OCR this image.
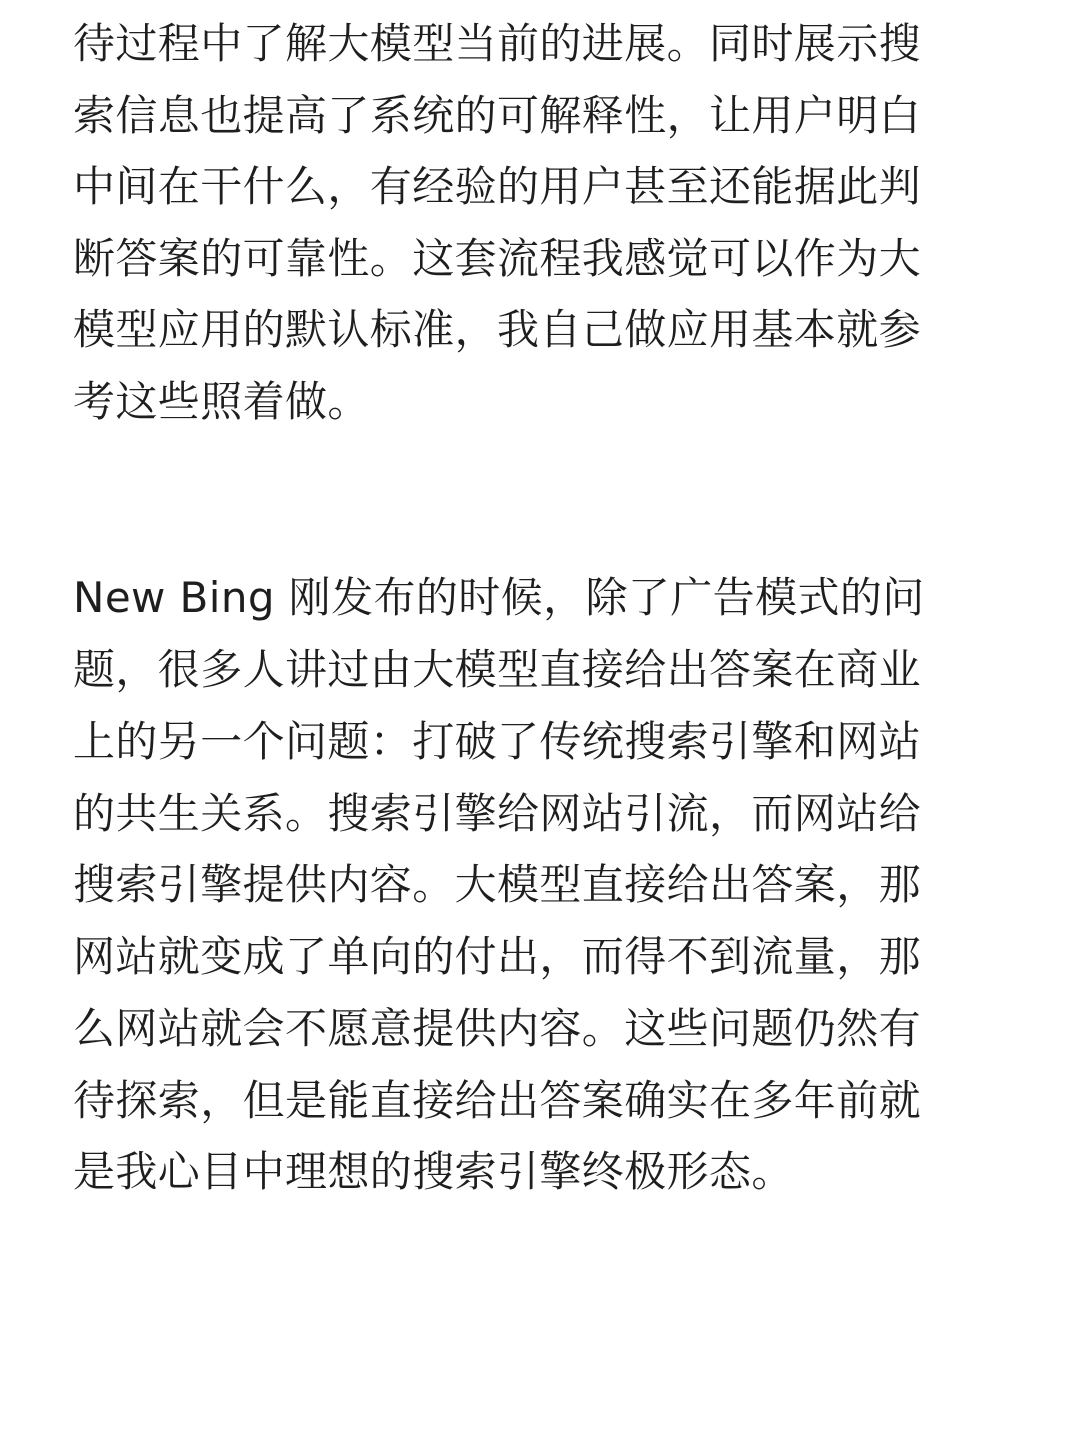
待过程中了解大模型当前的进展。同时展示搜
索信息也提高了系统的可解释性，让用户明白
中间在干什么，有经验的用户甚至还能据此判
断答案的可靠性。这套流程我感觉可以作为大
模型应用的默认标准，我自己做应用基本就参
考这些照着做。
New Bing 刚发布的时候，除了广告模式的问
题，很多人讲过由大模型直接给出答案在商业
上的另一个问题：打破了传统搜索引擎和网站
的共生关系。搜索引擎给网站引流，而网站给
搜索引擎提供内容。大模型直接给出答案，那
网站就变成了单向的付出，而得不到流量，那
么网站就会不愿意提供内容。这些问题仍然有
待探索，但是能直接给出答案确实在多年前就
是我心目中理想的搜索引擎终极形态。
